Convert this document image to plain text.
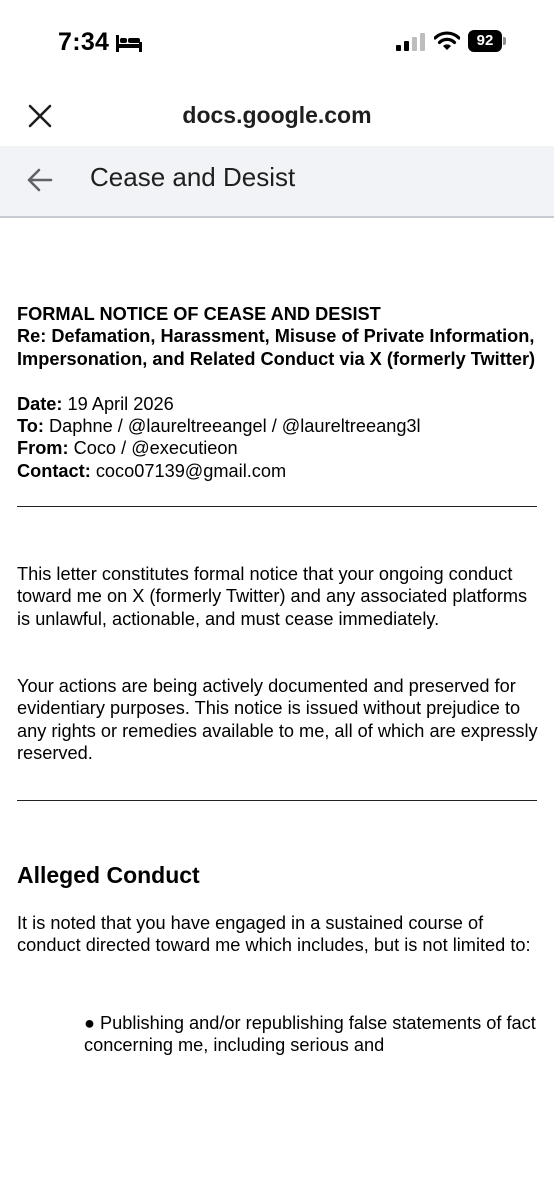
7:34	92
docs.google.com
Cease and Desist

FORMAL NOTICE OF CEASE AND DESIST
Re: Defamation, Harassment, Misuse of Private Information, Impersonation, and Related Conduct via X (formerly Twitter)

Date: 19 April 2026
To: Daphne / @laureltreeangel / @laureltreeang3l
From: Coco / @executieon
Contact: coco07139@gmail.com

This letter constitutes formal notice that your ongoing conduct toward me on X (formerly Twitter) and any associated platforms is unlawful, actionable, and must cease immediately.

Your actions are being actively documented and preserved for evidentiary purposes. This notice is issued without prejudice to any rights or remedies available to me, all of which are expressly reserved.

Alleged Conduct

It is noted that you have engaged in a sustained course of conduct directed toward me which includes, but is not limited to:

● Publishing and/or republishing false statements of fact concerning me, including serious and
